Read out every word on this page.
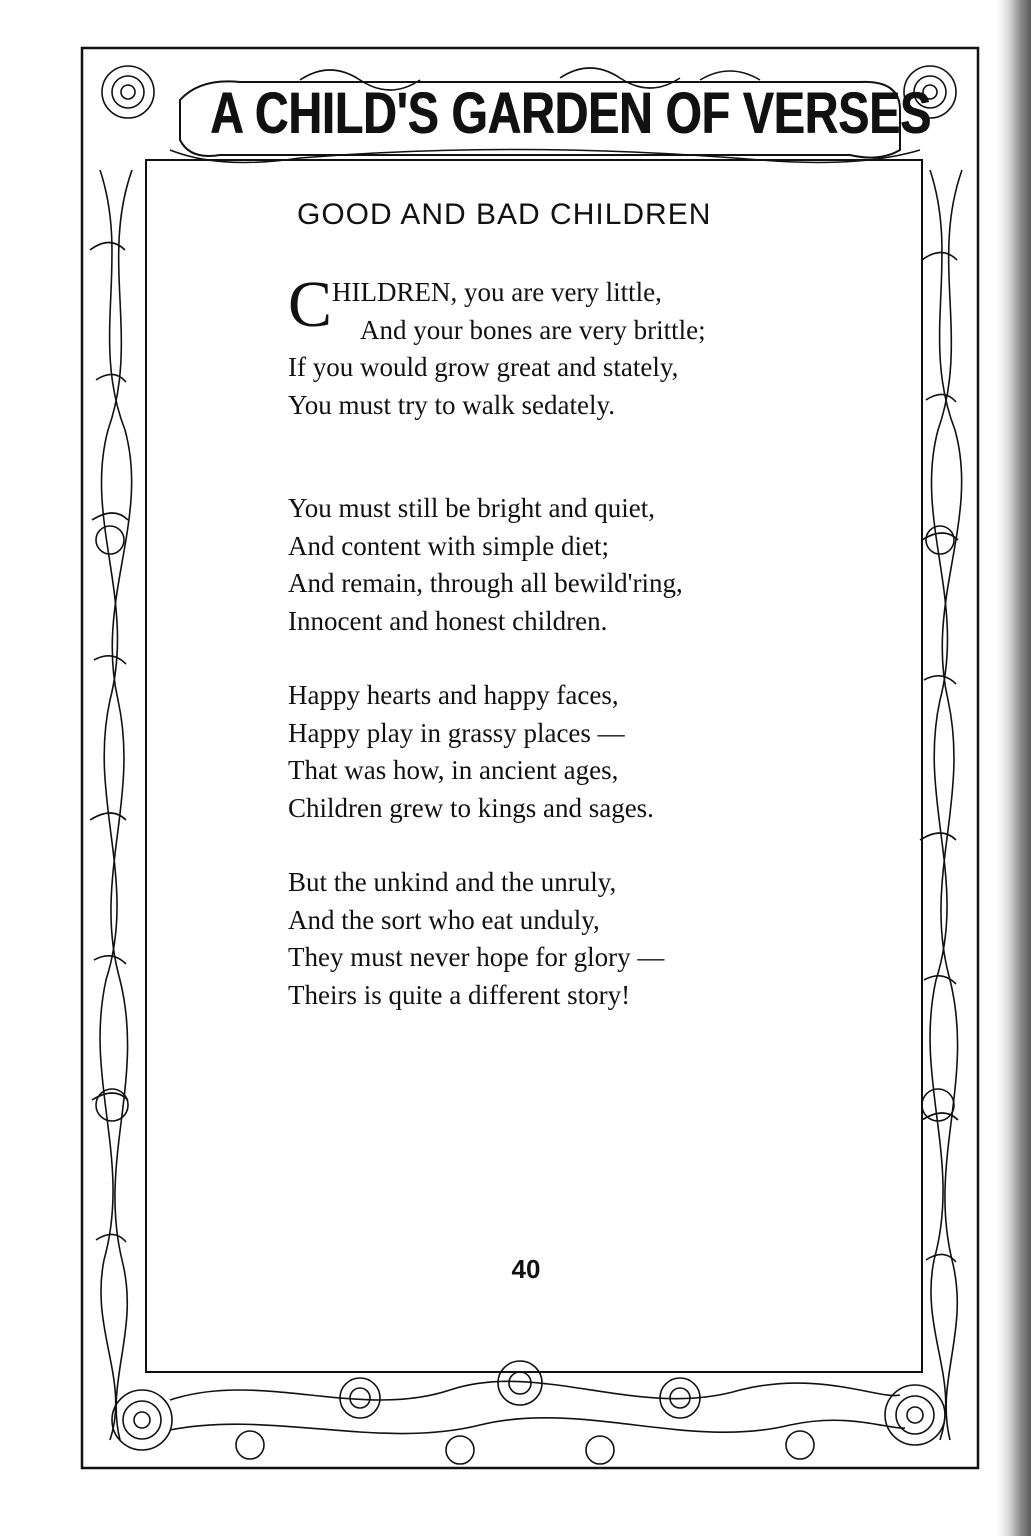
A CHILD'S GARDEN OF VERSES
GOOD AND BAD CHILDREN
C HILDREN, you are very little,
And your bones are very brittle;
If you would grow great and stately,
You must try to walk sedately.
You must still be bright and quiet,
And content with simple diet;
And remain, through all bewild'ring,
Innocent and honest children.
Happy hearts and happy faces,
Happy play in grassy places —
That was how, in ancient ages,
Children grew to kings and sages.
But the unkind and the unruly,
And the sort who eat unduly,
They must never hope for glory —
Theirs is quite a different story!
40
